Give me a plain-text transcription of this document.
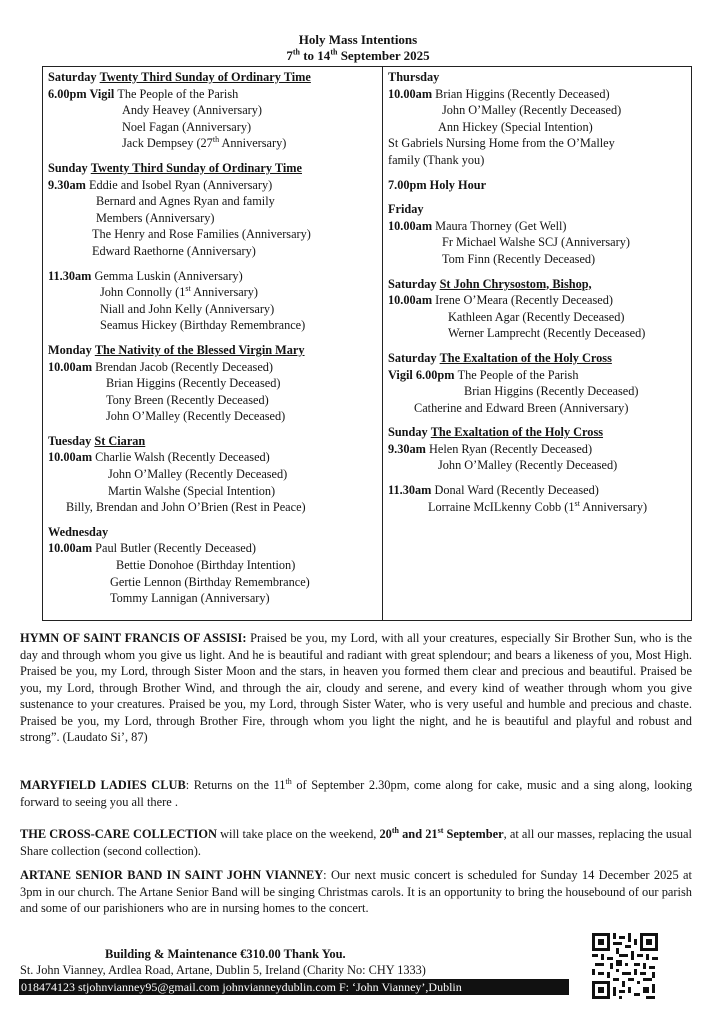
Holy Mass Intentions
7th to 14th September 2025
Saturday Twenty Third Sunday of Ordinary Time
6.00pm Vigil The People of the Parish
Andy Heavey (Anniversary)
Noel Fagan (Anniversary)
Jack Dempsey (27th Anniversary)
Sunday Twenty Third Sunday of Ordinary Time
9.30am Eddie and Isobel Ryan (Anniversary)
Bernard and Agnes Ryan and family
Members (Anniversary)
The Henry and Rose Families (Anniversary)
Edward Raethorne (Anniversary)
11.30am Gemma Luskin (Anniversary)
John Connolly (1st Anniversary)
Niall and John Kelly (Anniversary)
Seamus Hickey (Birthday Remembrance)
Monday The Nativity of the Blessed Virgin Mary
10.00am Brendan Jacob (Recently Deceased)
Brian Higgins (Recently Deceased)
Tony Breen (Recently Deceased)
John O’Malley (Recently Deceased)
Tuesday St Ciaran
10.00am Charlie Walsh (Recently Deceased)
John O’Malley (Recently Deceased)
Martin Walshe (Special Intention)
Billy, Brendan and John O’Brien (Rest in Peace)
Wednesday
10.00am Paul Butler (Recently Deceased)
Bettie Donohoe (Birthday Intention)
Gertie Lennon (Birthday Remembrance)
Tommy Lannigan (Anniversary)
Thursday
10.00am Brian Higgins (Recently Deceased)
John O’Malley (Recently Deceased)
Ann Hickey (Special Intention)
St Gabriels Nursing Home from the O’Malley
family (Thank you)
7.00pm Holy Hour
Friday
10.00am Maura Thorney (Get Well)
Fr Michael Walshe SCJ (Anniversary)
Tom Finn (Recently Deceased)
Saturday St John Chrysostom, Bishop,
10.00am Irene O’Meara (Recently Deceased)
Kathleen Agar (Recently Deceased)
Werner Lamprecht (Recently Deceased)
Saturday The Exaltation of the Holy Cross
Vigil 6.00pm The People of the Parish
Brian Higgins (Recently Deceased)
Catherine and Edward Breen (Anniversary)
Sunday The Exaltation of the Holy Cross
9.30am Helen Ryan (Recently Deceased)
John O’Malley (Recently Deceased)
11.30am Donal Ward (Recently Deceased)
Lorraine McILkenny Cobb (1st Anniversary)
HYMN OF SAINT FRANCIS OF ASSISI: Praised be you, my Lord, with all your creatures, especially Sir Brother Sun, who is the day and through whom you give us light. And he is beautiful and radiant with great splendour; and bears a likeness of you, Most High. Praised be you, my Lord, through Sister Moon and the stars, in heaven you formed them clear and precious and beautiful. Praised be you, my Lord, through Brother Wind, and through the air, cloudy and serene, and every kind of weather through whom you give sustenance to your creatures. Praised be you, my Lord, through Sister Water, who is very useful and humble and precious and chaste. Praised be you, my Lord, through Brother Fire, through whom you light the night, and he is beautiful and playful and robust and strong”. (Laudato Si’, 87)
MARYFIELD LADIES CLUB: Returns on the 11th of September 2.30pm, come along for cake, music and a sing along, looking forward to seeing you all there .
THE CROSS-CARE COLLECTION will take place on the weekend, 20th and 21st September, at all our masses, replacing the usual Share collection (second collection).
ARTANE SENIOR BAND IN SAINT JOHN VIANNEY: Our next music concert is scheduled for Sunday 14 December 2025 at 3pm in our church. The Artane Senior Band will be singing Christmas carols. It is an opportunity to bring the housebound of our parish and some of our parishioners who are in nursing homes to the concert.
Building & Maintenance €310.00 Thank You.
St. John Vianney, Ardlea Road, Artane, Dublin 5, Ireland (Charity No: CHY 1333)
018474123 stjohnvianney95@gmail.com johnvianneydublin.com F: ‘John Vianney’,Dublin
